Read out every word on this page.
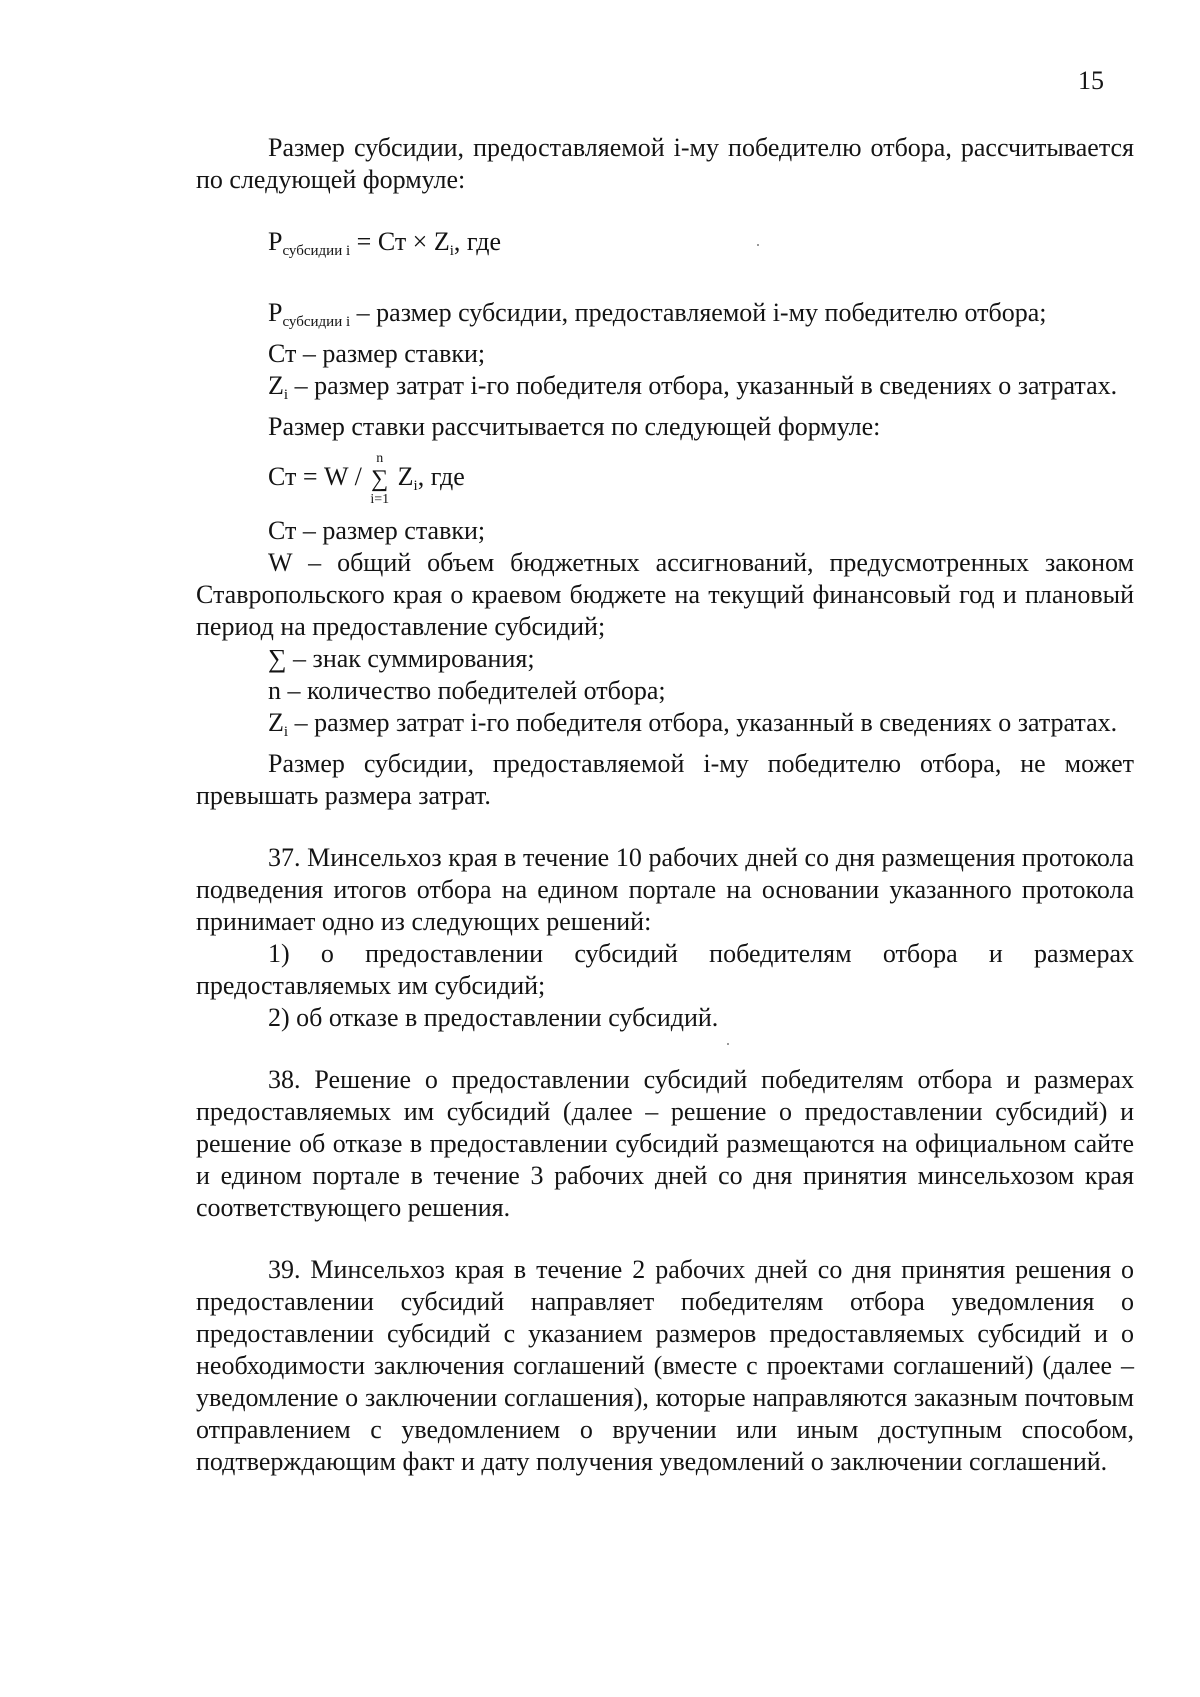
15

Размер субсидии, предоставляемой i-му победителю отбора, рассчитывается по следующей формуле:

$P_{субсидии i}$ = Ст × $Z_i$, где

$P_{субсидии i}$ – размер субсидии, предоставляемой i-му победителю отбора;

Ст – размер ставки;

$Z_i$ – размер затрат i-го победителя отбора, указанный в сведениях о затратах.

Размер ставки рассчитывается по следующей формуле:

Ст = W /
n
∑
i=1
$Z_i$, где

Ст – размер ставки;

W – общий объем бюджетных ассигнований, предусмотренных законом Ставропольского края о краевом бюджете на текущий финансовый год и плановый период на предоставление субсидий;

∑ – знак суммирования;

n – количество победителей отбора;

$Z_i$ – размер затрат i-го победителя отбора, указанный в сведениях о затратах.

Размер субсидии, предоставляемой i-му победителю отбора, не может превышать размера затрат.

37. Минсельхоз края в течение 10 рабочих дней со дня размещения протокола подведения итогов отбора на едином портале на основании указанного протокола принимает одно из следующих решений:

1) о предоставлении субсидий победителям отбора и размерах предоставляемых им субсидий;

2) об отказе в предоставлении субсидий.

38. Решение о предоставлении субсидий победителям отбора и размерах предоставляемых им субсидий (далее – решение о предоставлении субсидий) и решение об отказе в предоставлении субсидий размещаются на официальном сайте и едином портале в течение 3 рабочих дней со дня принятия минсельхозом края соответствующего решения.

39. Минсельхоз края в течение 2 рабочих дней со дня принятия решения о предоставлении субсидий направляет победителям отбора уведомления о предоставлении субсидий с указанием размеров предоставляемых субсидий и о необходимости заключения соглашений (вместе с проектами соглашений) (далее – уведомление о заключении соглашения), которые направляются заказным почтовым отправлением с уведомлением о вручении или иным доступным способом, подтверждающим факт и дату получения уведомлений о заключении соглашений.
